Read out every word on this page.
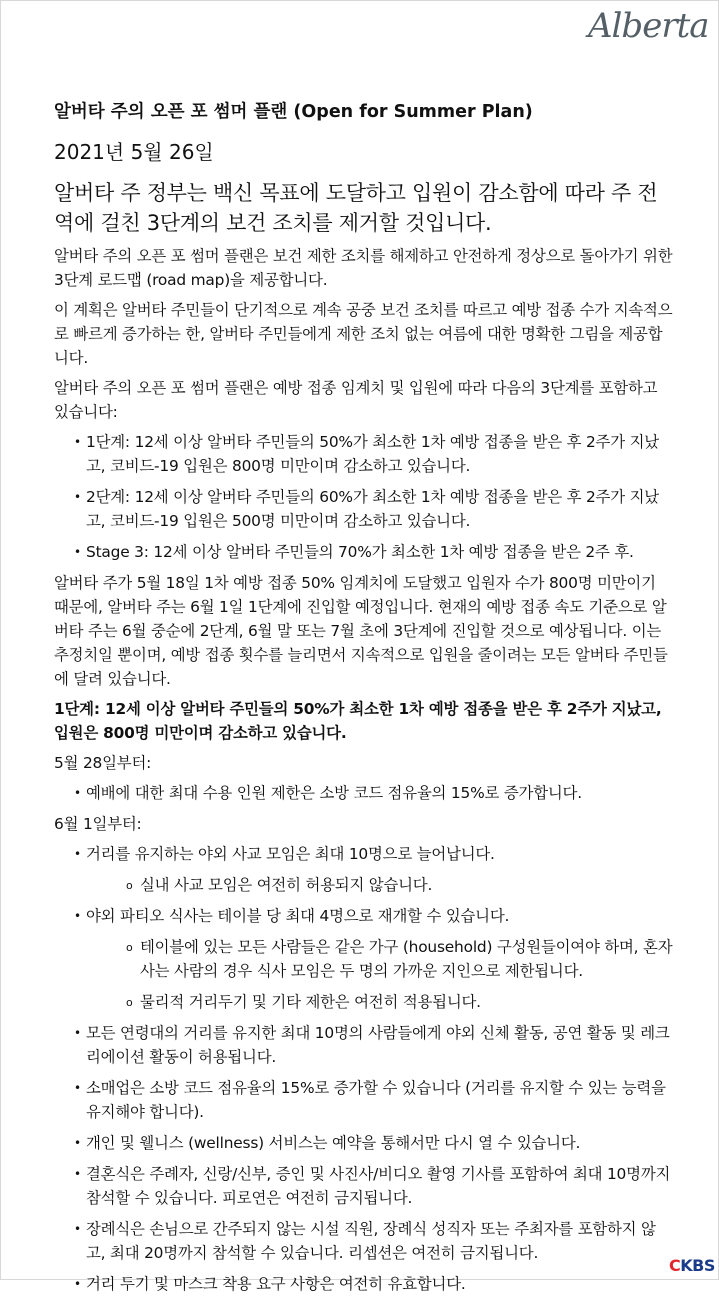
Alberta
알버타 주의 오픈 포 썸머 플랜 (Open for Summer Plan)
2021년 5월 26일

알버타 주 정부는 백신 목표에 도달하고 입원이 감소함에 따라 주 전역에 걸친 3단계의 보건 조치를 제거할 것입니다.

알버타 주의 오픈 포 썸머 플랜은 보건 제한 조치를 해제하고 안전하게 정상으로 돌아가기 위한 3단계 로드맵 (road map)을 제공합니다.

이 계획은 알버타 주민들이 단기적으로 계속 공중 보건 조치를 따르고 예방 접종 수가 지속적으로 빠르게 증가하는 한, 알버타 주민들에게 제한 조치 없는 여름에 대한 명확한 그림을 제공합니다.

알버타 주의 오픈 포 썸머 플랜은 예방 접종 임계치 및 입원에 따라 다음의 3단계를 포함하고 있습니다:

• 1단계: 12세 이상 알버타 주민들의 50%가 최소한 1차 예방 접종을 받은 후 2주가 지났고, 코비드-19 입원은 800명 미만이며 감소하고 있습니다.
• 2단계: 12세 이상 알버타 주민들의 60%가 최소한 1차 예방 접종을 받은 후 2주가 지났고, 코비드-19 입원은 500명 미만이며 감소하고 있습니다.
• Stage 3: 12세 이상 알버타 주민들의 70%가 최소한 1차 예방 접종을 받은 2주 후.

알버타 주가 5월 18일 1차 예방 접종 50% 임계치에 도달했고 입원자 수가 800명 미만이기 때문에, 알버타 주는 6월 1일 1단계에 진입할 예정입니다. 현재의 예방 접종 속도 기준으로 알버타 주는 6월 중순에 2단계, 6월 말 또는 7월 초에 3단계에 진입할 것으로 예상됩니다. 이는 추정치일 뿐이며, 예방 접종 횟수를 늘리면서 지속적으로 입원을 줄이려는 모든 알버타 주민들에 달려 있습니다.

1단계: 12세 이상 알버타 주민들의 50%가 최소한 1차 예방 접종을 받은 후 2주가 지났고, 입원은 800명 미만이며 감소하고 있습니다.

5월 28일부터:

• 예배에 대한 최대 수용 인원 제한은 소방 코드 점유율의 15%로 증가합니다.

6월 1일부터:

• 거리를 유지하는 야외 사교 모임은 최대 10명으로 늘어납니다.
o 실내 사교 모임은 여전히 허용되지 않습니다.
• 야외 파티오 식사는 테이블 당 최대 4명으로 재개할 수 있습니다.
o 테이블에 있는 모든 사람들은 같은 가구 (household) 구성원들이여야 하며, 혼자 사는 사람의 경우 식사 모임은 두 명의 가까운 지인으로 제한됩니다.
o 물리적 거리두기 및 기타 제한은 여전히 적용됩니다.
• 모든 연령대의 거리를 유지한 최대 10명의 사람들에게 야외 신체 활동, 공연 활동 및 레크리에이션 활동이 허용됩니다.
• 소매업은 소방 코드 점유율의 15%로 증가할 수 있습니다 (거리를 유지할 수 있는 능력을 유지해야 합니다).
• 개인 및 웰니스 (wellness) 서비스는 예약을 통해서만 다시 열 수 있습니다.
• 결혼식은 주례자, 신랑/신부, 증인 및 사진사/비디오 촬영 기사를 포함하여 최대 10명까지 참석할 수 있습니다. 피로연은 여전히 금지됩니다.
• 장례식은 손님으로 간주되지 않는 시설 직원, 장례식 성직자 또는 주최자를 포함하지 않고, 최대 20명까지 참석할 수 있습니다. 리셉션은 여전히 금지됩니다.
• 거리 두기 및 마스크 착용 요구 사항은 여전히 유효합니다.
CKBS
